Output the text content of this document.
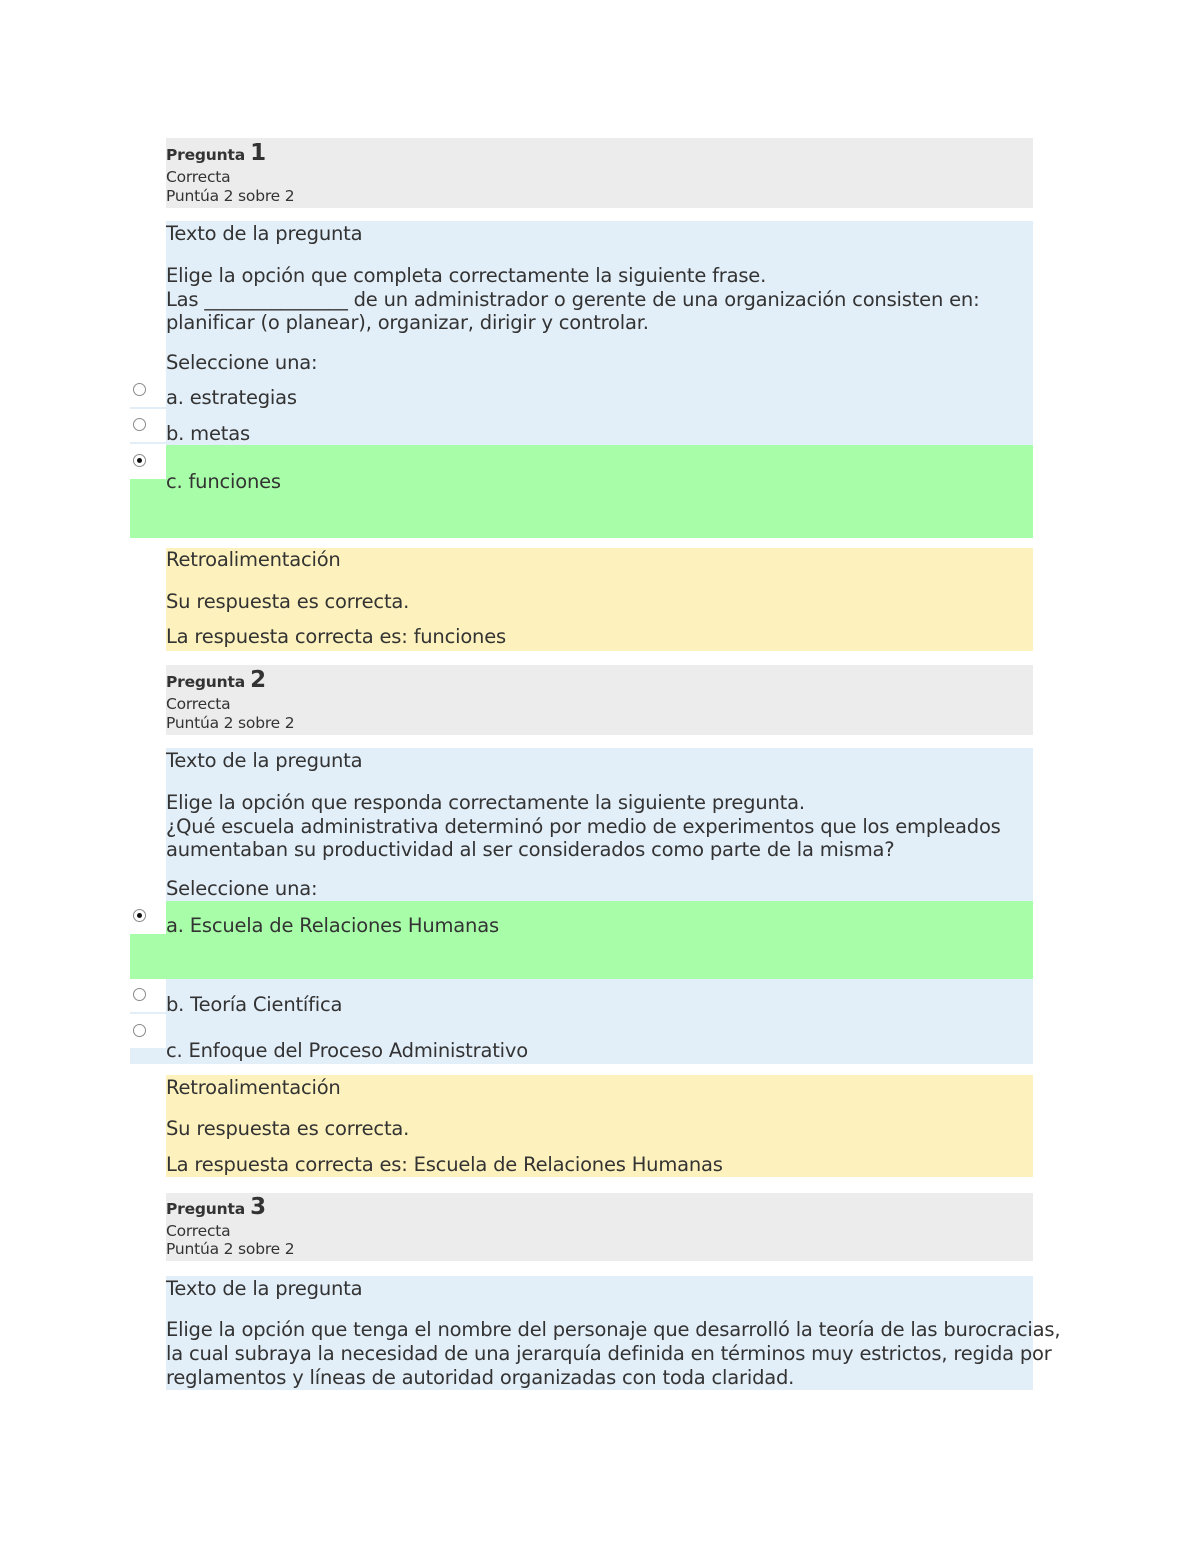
Pregunta 1
Correcta
Puntúa 2 sobre 2
Texto de la pregunta
Elige la opción que completa correctamente la siguiente frase.
Las _______________ de un administrador o gerente de una organización consisten en:
planificar (o planear), organizar, dirigir y controlar.
Seleccione una:
a. estrategias
b. metas
c. funciones
Retroalimentación
Su respuesta es correcta.
La respuesta correcta es: funciones
Pregunta 2
Correcta
Puntúa 2 sobre 2
Texto de la pregunta
Elige la opción que responda correctamente la siguiente pregunta.
¿Qué escuela administrativa determinó por medio de experimentos que los empleados
aumentaban su productividad al ser considerados como parte de la misma?
Seleccione una:
a. Escuela de Relaciones Humanas
b. Teoría Científica
c. Enfoque del Proceso Administrativo
Retroalimentación
Su respuesta es correcta.
La respuesta correcta es: Escuela de Relaciones Humanas
Pregunta 3
Correcta
Puntúa 2 sobre 2
Texto de la pregunta
Elige la opción que tenga el nombre del personaje que desarrolló la teoría de las burocracias,
la cual subraya la necesidad de una jerarquía definida en términos muy estrictos, regida por
reglamentos y líneas de autoridad organizadas con toda claridad.
